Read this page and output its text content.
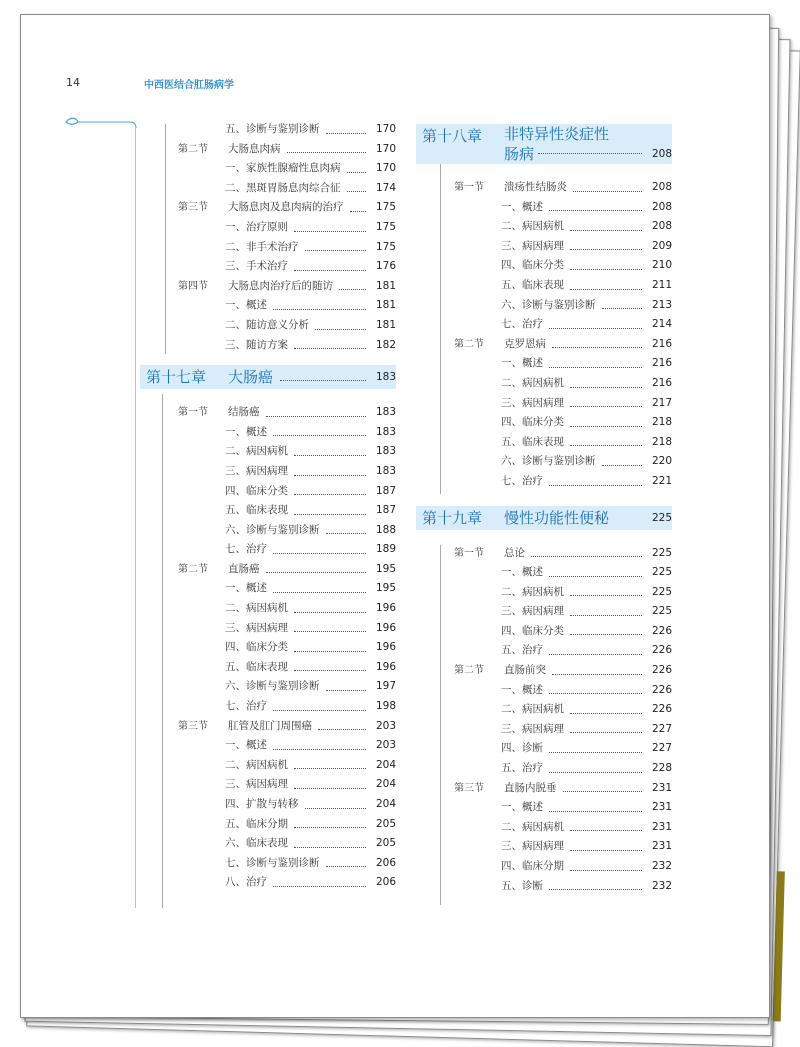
14	中西医结合肛肠病学
五、诊断与鉴别诊断	170
第二节 大肠息肉病	170
一、家族性腺瘤性息肉病	170
二、黑斑胃肠息肉综合征	174
第三节 大肠息肉及息肉病的治疗	175
一、治疗原则	175
二、非手术治疗	175
三、手术治疗	176
第四节 大肠息肉治疗后的随访	181
一、概述	181
二、随访意义分析	181
三、随访方案	182
第十七章 大肠癌	183
第一节 结肠癌	183
一、概述	183
二、病因病机	183
三、病因病理	183
四、临床分类	187
五、临床表现	187
六、诊断与鉴别诊断	188
七、治疗	189
第二节 直肠癌	195
一、概述	195
二、病因病机	196
三、病因病理	196
四、临床分类	196
五、临床表现	196
六、诊断与鉴别诊断	197
七、治疗	198
第三节 肛管及肛门周围癌	203
一、概述	203
二、病因病机	204
三、病因病理	204
四、扩散与转移	204
五、临床分期	205
六、临床表现	205
七、诊断与鉴别诊断	206
八、治疗	206
第十八章 非特异性炎症性
肠病	208
第一节 溃疡性结肠炎	208
一、概述	208
二、病因病机	208
三、病因病理	209
四、临床分类	210
五、临床表现	211
六、诊断与鉴别诊断	213
七、治疗	214
第二节 克罗恩病	216
一、概述	216
二、病因病机	216
三、病因病理	217
四、临床分类	218
五、临床表现	218
六、诊断与鉴别诊断	220
七、治疗	221
第十九章 慢性功能性便秘	225
第一节 总论	225
一、概述	225
二、病因病机	225
三、病因病理	225
四、临床分类	226
五、治疗	226
第二节 直肠前突	226
一、概述	226
二、病因病机	226
三、病因病理	227
四、诊断	227
五、治疗	228
第三节 直肠内脱垂	231
一、概述	231
二、病因病机	231
三、病因病理	231
四、临床分期	232
五、诊断	232
